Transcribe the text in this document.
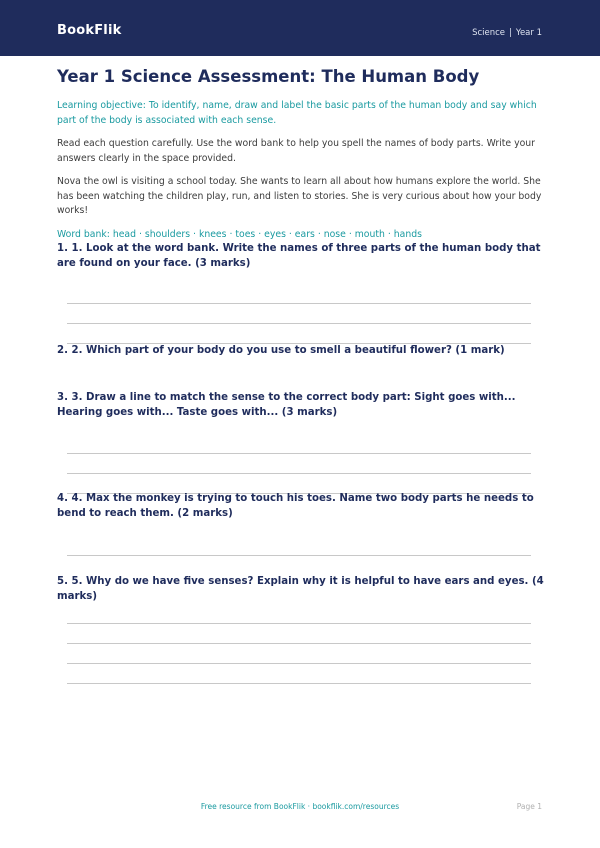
BookFlik	Science | Year 1
Year 1 Science Assessment: The Human Body
Learning objective: To identify, name, draw and label the basic parts of the human body and say which part of the body is associated with each sense.
Read each question carefully. Use the word bank to help you spell the names of body parts. Write your answers clearly in the space provided.
Nova the owl is visiting a school today. She wants to learn all about how humans explore the world. She has been watching the children play, run, and listen to stories. She is very curious about how your body works!
Word bank: head · shoulders · knees · toes · eyes · ears · nose · mouth · hands
1. 1. Look at the word bank. Write the names of three parts of the human body that are found on your face. (3 marks)
2. 2. Which part of your body do you use to smell a beautiful flower? (1 mark)
3. 3. Draw a line to match the sense to the correct body part: Sight goes with... Hearing goes with... Taste goes with... (3 marks)
4. 4. Max the monkey is trying to touch his toes. Name two body parts he needs to bend to reach them. (2 marks)
5. 5. Why do we have five senses? Explain why it is helpful to have ears and eyes. (4 marks)
Free resource from BookFlik · bookflik.com/resources	Page 1
